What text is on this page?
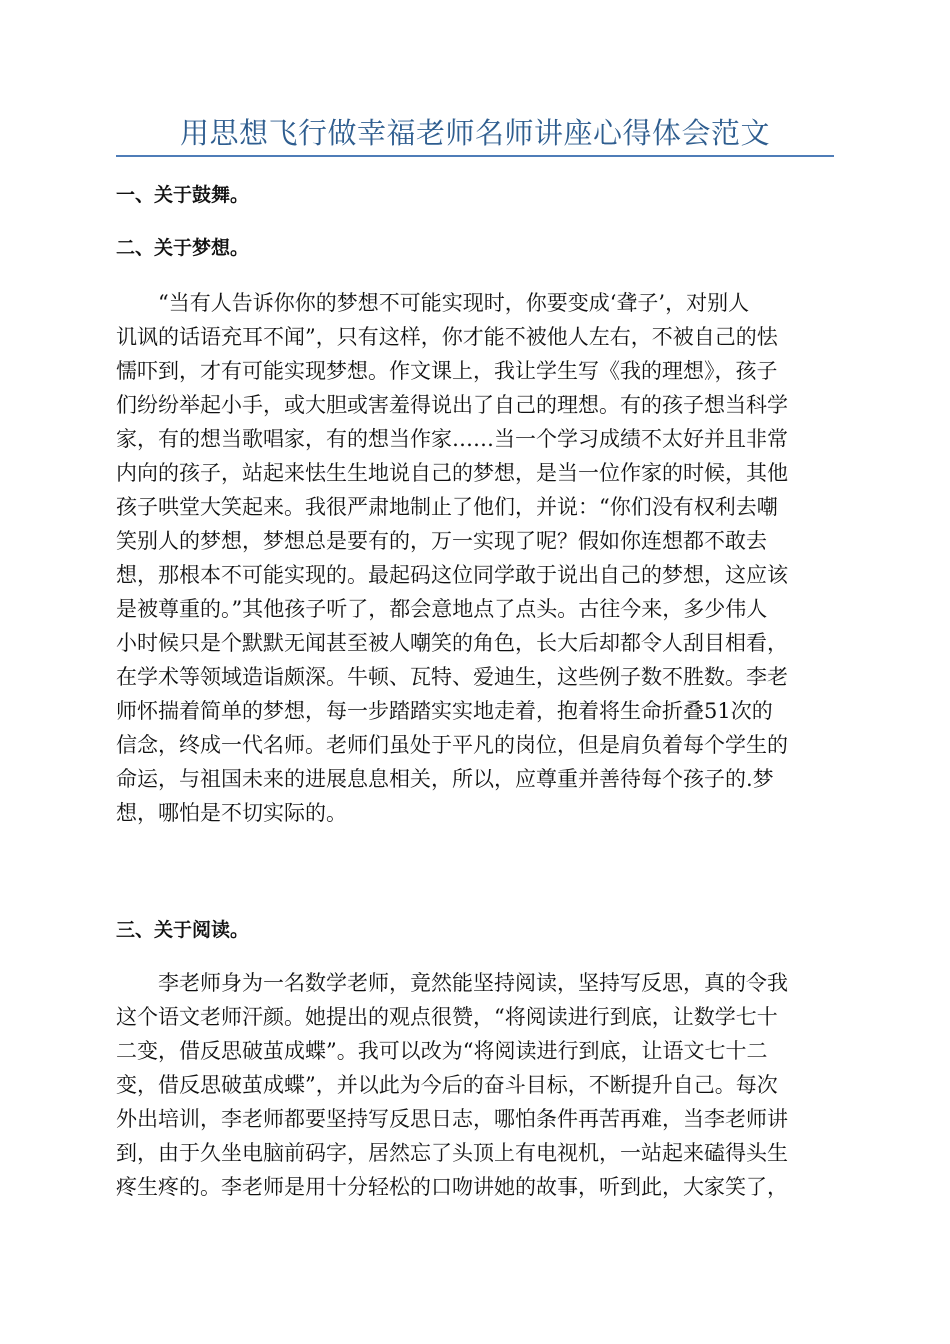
用思想飞行做幸福老师名师讲座心得体会范文
一、关于鼓舞。
二、关于梦想。
“当有人告诉你你的梦想不可能实现时，你要变成‘聋子’，对别人
讥讽的话语充耳不闻”，只有这样，你才能不被他人左右，不被自己的怯
懦吓到，才有可能实现梦想。作文课上，我让学生写《我的理想》，孩子
们纷纷举起小手，或大胆或害羞得说出了自己的理想。有的孩子想当科学
家，有的想当歌唱家，有的想当作家……当一个学习成绩不太好并且非常
内向的孩子，站起来怯生生地说自己的梦想，是当一位作家的时候，其他
孩子哄堂大笑起来。我很严肃地制止了他们，并说：“你们没有权利去嘲
笑别人的梦想，梦想总是要有的，万一实现了呢？假如你连想都不敢去
想，那根本不可能实现的。最起码这位同学敢于说出自己的梦想，这应该
是被尊重的。”其他孩子听了，都会意地点了点头。古往今来，多少伟人
小时候只是个默默无闻甚至被人嘲笑的角色，长大后却都令人刮目相看，
在学术等领域造诣颇深。牛顿、瓦特、爱迪生，这些例子数不胜数。李老
师怀揣着简单的梦想，每一步踏踏实实地走着，抱着将生命折叠51次的
信念，终成一代名师。老师们虽处于平凡的岗位，但是肩负着每个学生的
命运，与祖国未来的进展息息相关，所以，应尊重并善待每个孩子的.梦
想，哪怕是不切实际的。
三、关于阅读。
李老师身为一名数学老师，竟然能坚持阅读，坚持写反思，真的令我
这个语文老师汗颜。她提出的观点很赞，“将阅读进行到底，让数学七十
二变，借反思破茧成蝶”。我可以改为“将阅读进行到底，让语文七十二
变，借反思破茧成蝶”，并以此为今后的奋斗目标，不断提升自己。每次
外出培训，李老师都要坚持写反思日志，哪怕条件再苦再难，当李老师讲
到，由于久坐电脑前码字，居然忘了头顶上有电视机，一站起来磕得头生
疼生疼的。李老师是用十分轻松的口吻讲她的故事，听到此，大家笑了，
